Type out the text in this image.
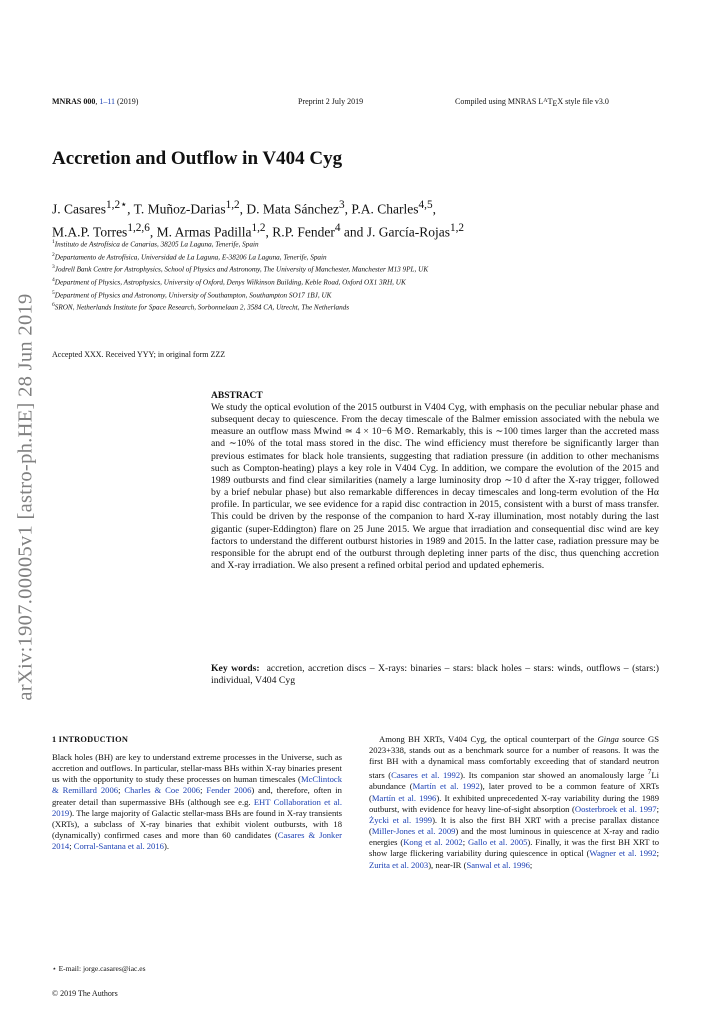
MNRAS 000, 1–11 (2019)	Preprint 2 July 2019	Compiled using MNRAS $L^ATEX$ style file v3.0
arXiv:1907.00005v1 [astro-ph.HE] 28 Jun 2019
Accretion and Outflow in V404 Cyg
J. Casares$^{1,2⋆}$, T. Muñoz-Darias$^{1,2}$, D. Mata Sánchez$^3$, P.A. Charles$^{4,5}$,
M.A.P. Torres$^{1,2,6}$, M. Armas Padilla$^{1,2}$, R.P. Fender$^4$ and J. García-Rojas$^{1,2}$
$^1$Instituto de Astrofísica de Canarias, 38205 La Laguna, Tenerife, Spain
$^2$Departamento de Astrofísica, Universidad de La Laguna, E-38206 La Laguna, Tenerife, Spain
$^3$Jodrell Bank Centre for Astrophysics, School of Physics and Astronomy, The University of Manchester, Manchester M13 9PL, UK
$^4$Department of Physics, Astrophysics, University of Oxford, Denys Wilkinson Building, Keble Road, Oxford OX1 3RH, UK
$^5$Department of Physics and Astronomy, University of Southampton, Southampton SO17 1BJ, UK
$^6$SRON, Netherlands Institute for Space Research, Sorbonnelaan 2, 3584 CA, Utrecht, The Netherlands
Accepted XXX. Received YYY; in original form ZZZ
ABSTRACT
We study the optical evolution of the 2015 outburst in V404 Cyg, with emphasis on the peculiar nebular phase and subsequent decay to quiescence. From the decay timescale of the Balmer emission associated with the nebula we measure an outflow mass Mwind ≃ 4 × 10−6 M⊙. Remarkably, this is ∼100 times larger than the accreted mass and ∼10% of the total mass stored in the disc. The wind efficiency must therefore be significantly larger than previous estimates for black hole transients, suggesting that radiation pressure (in addition to other mechanisms such as Compton-heating) plays a key role in V404 Cyg. In addition, we compare the evolution of the 2015 and 1989 outbursts and find clear similarities (namely a large luminosity drop ∼10 d after the X-ray trigger, followed by a brief nebular phase) but also remarkable differences in decay timescales and long-term evolution of the Hα profile. In particular, we see evidence for a rapid disc contraction in 2015, consistent with a burst of mass transfer. This could be driven by the response of the companion to hard X-ray illumination, most notably during the last gigantic (super-Eddington) flare on 25 June 2015. We argue that irradiation and consequential disc wind are key factors to understand the different outburst histories in 1989 and 2015. In the latter case, radiation pressure may be responsible for the abrupt end of the outburst through depleting inner parts of the disc, thus quenching accretion and X-ray irradiation. We also present a refined orbital period and updated ephemeris.
Key words: accretion, accretion discs – X-rays: binaries – stars: black holes – stars: winds, outflows – (stars:) individual, V404 Cyg
1 INTRODUCTION
Black holes (BH) are key to understand extreme processes in the Universe, such as accretion and outflows. In particular, stellar-mass BHs within X-ray binaries present us with the opportunity to study these processes on human timescales (McClintock & Remillard 2006; Charles & Coe 2006; Fender 2006) and, therefore, often in greater detail than supermassive BHs (although see e.g. EHT Collaboration et al. 2019). The large majority of Galactic stellar-mass BHs are found in X-ray transients (XRTs), a subclass of X-ray binaries that exhibit violent outbursts, with 18 (dynamically) confirmed cases and more than 60 candidates (Casares & Jonker 2014; Corral-Santana et al. 2016).
Among BH XRTs, V404 Cyg, the optical counterpart of the Ginga source GS 2023+338, stands out as a benchmark source for a number of reasons. It was the first BH with a dynamical mass comfortably exceeding that of standard neutron stars (Casares et al. 1992). Its companion star showed an anomalously large $^7$Li abundance (Martín et al. 1992), later proved to be a common feature of XRTs (Martín et al. 1996). It exhibited unprecedented X-ray variability during the 1989 outburst, with evidence for heavy line-of-sight absorption (Oosterbroek et al. 1997; Życki et al. 1999). It is also the first BH XRT with a precise parallax distance (Miller-Jones et al. 2009) and the most luminous in quiescence at X-ray and radio energies (Kong et al. 2002; Gallo et al. 2005). Finally, it was the first BH XRT to show large flickering variability during quiescence in optical (Wagner et al. 1992; Zurita et al. 2003), near-IR (Sanwal et al. 1996;
⋆ E-mail: jorge.casares@iac.es
© 2019 The Authors
